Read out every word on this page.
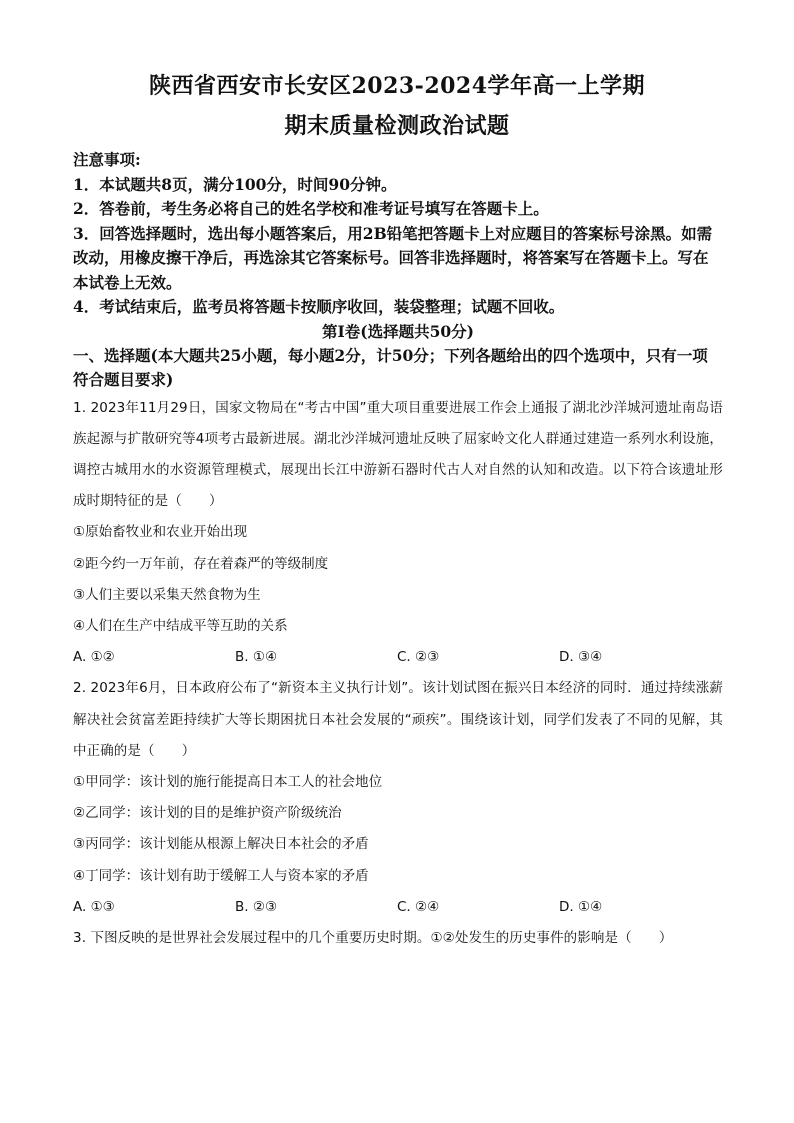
陕西省西安市长安区2023-2024学年高一上学期
期末质量检测政治试题

注意事项:

1．本试题共8页，满分100分，时间90分钟。

2．答卷前，考生务必将自己的姓名学校和准考证号填写在答题卡上。

3．回答选择题时，选出每小题答案后，用2B铅笔把答题卡上对应题目的答案标号涂黑。如需改动，用橡皮擦干净后，再选涂其它答案标号。回答非选择题时，将答案写在答题卡上。写在本试卷上无效。

4．考试结束后，监考员将答题卡按顺序收回，装袋整理；试题不回收。

第Ⅰ卷(选择题共50分)

一、选择题(本大题共25小题，每小题2分，计50分；下列各题给出的四个选项中，只有一项符合题目要求)

1. 2023年11月29日，国家文物局在“考古中国”重大项目重要进展工作会上通报了湖北沙洋城河遗址南岛语族起源与扩散研究等4项考古最新进展。湖北沙洋城河遗址反映了屈家岭文化人群通过建造一系列水利设施，调控古城用水的水资源管理模式，展现出长江中游新石器时代古人对自然的认知和改造。以下符合该遗址形成时期特征的是（　　）

①原始畜牧业和农业开始出现

②距今约一万年前，存在着森严的等级制度

③人们主要以采集天然食物为生

④人们在生产中结成平等互助的关系

A. ①②	B. ①④	C. ②③	D. ③④

2. 2023年6月，日本政府公布了“新资本主义执行计划”。该计划试图在振兴日本经济的同时．通过持续涨薪解决社会贫富差距持续扩大等长期困扰日本社会发展的“顽疾”。围绕该计划，同学们发表了不同的见解，其中正确的是（　　）

①甲同学：该计划的施行能提高日本工人的社会地位

②乙同学：该计划的目的是维护资产阶级统治

③丙同学：该计划能从根源上解决日本社会的矛盾

④丁同学：该计划有助于缓解工人与资本家的矛盾

A. ①③	B. ②③	C. ②④	D. ①④

3. 下图反映的是世界社会发展过程中的几个重要历史时期。①②处发生的历史事件的影响是（　　）
